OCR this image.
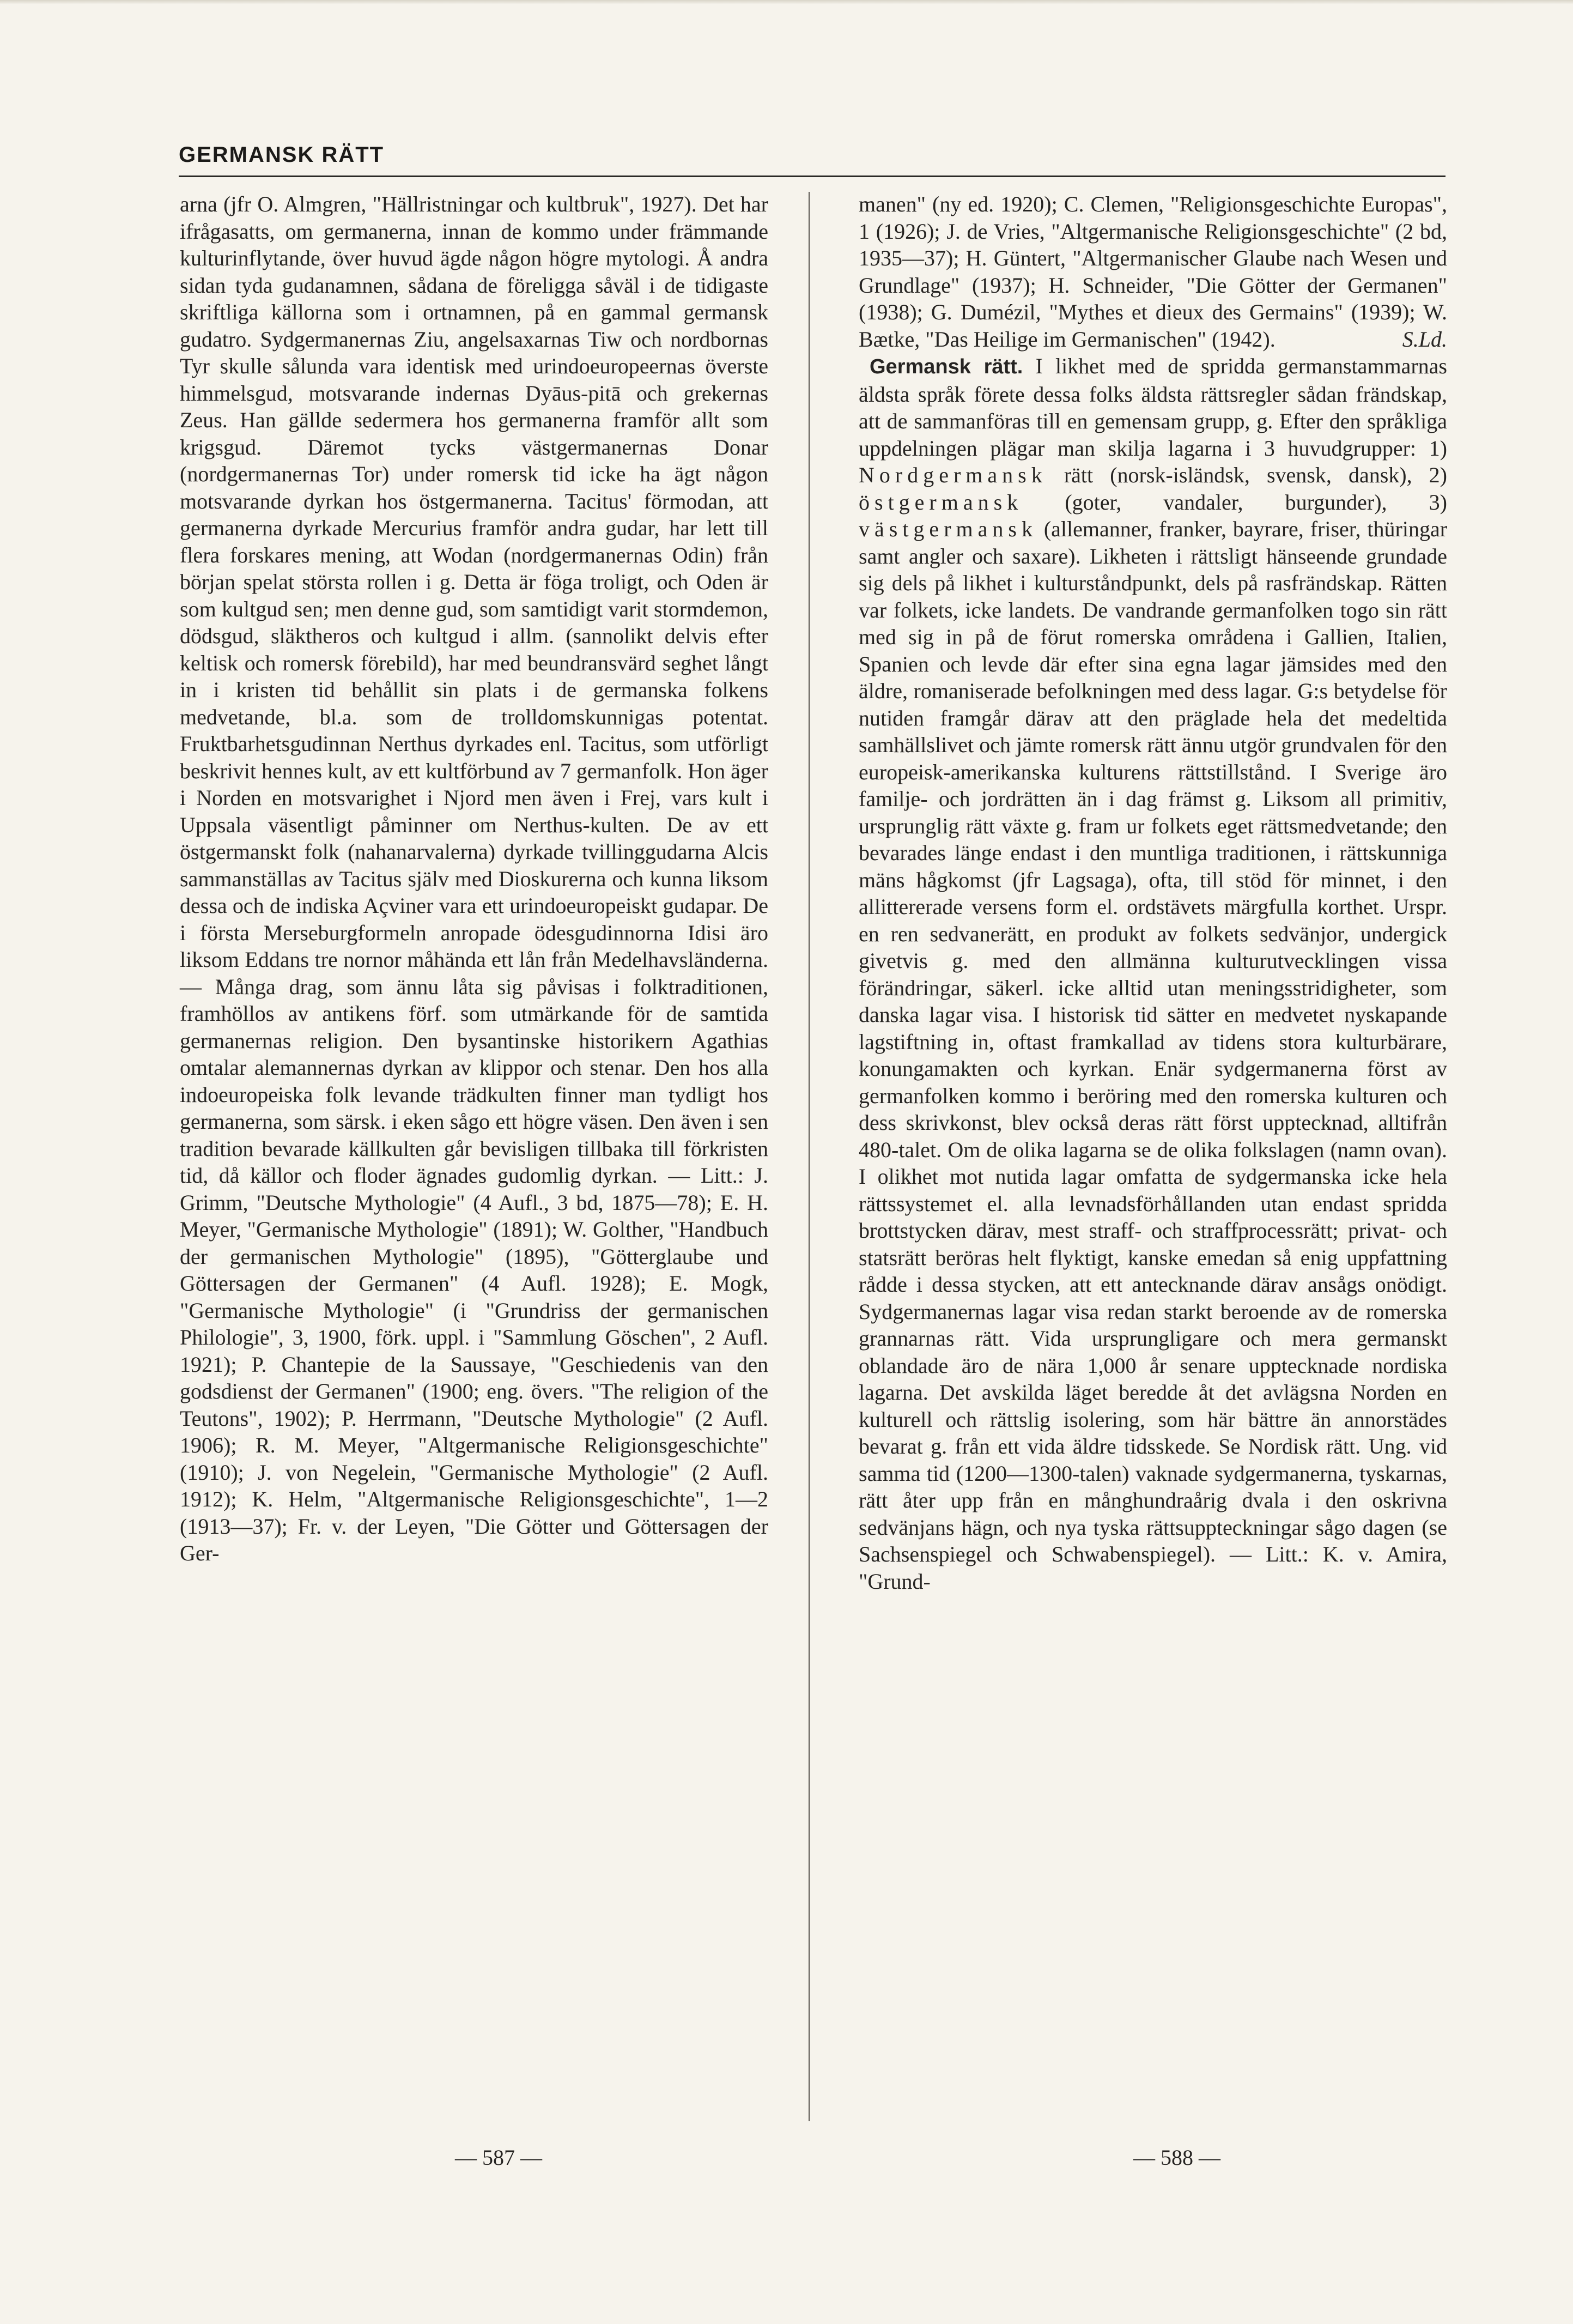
GERMANSK RÄTT

arna (jfr O. Almgren, "Hällristningar och kultbruk", 1927). Det har ifrågasatts, om germanerna, innan de kommo under främmande kulturinflytande, över huvud ägde någon högre mytologi. Å andra sidan tyda gudanamnen, sådana de föreligga såväl i de tidigaste skriftliga källorna som i ortnamnen, på en gammal germansk gudatro. Sydgermanernas Ziu, angelsaxarnas Tiw och nordbornas Tyr skulle sålunda vara identisk med urindoeuropeernas överste himmelsgud, motsvarande indernas Dyāus-pitā och grekernas Zeus. Han gällde sedermera hos germanerna framför allt som krigsgud. Däremot tycks västgermanernas Donar (nordgermanernas Tor) under romersk tid icke ha ägt någon motsvarande dyrkan hos östgermanerna. Tacitus' förmodan, att germanerna dyrkade Mercurius framför andra gudar, har lett till flera forskares mening, att Wodan (nordgermanernas Odin) från början spelat största rollen i g. Detta är föga troligt, och Oden är som kultgud sen; men denne gud, som samtidigt varit stormdemon, dödsgud, släktheros och kultgud i allm. (sannolikt delvis efter keltisk och romersk förebild), har med beundransvärd seghet långt in i kristen tid behållit sin plats i de germanska folkens medvetande, bl.a. som de trolldomskunnigas potentat. Fruktbarhetsgudinnan Nerthus dyrkades enl. Tacitus, som utförligt beskrivit hennes kult, av ett kultförbund av 7 germanfolk. Hon äger i Norden en motsvarighet i Njord men även i Frej, vars kult i Uppsala väsentligt påminner om Nerthus-kulten. De av ett östgermanskt folk (nahanarvalerna) dyrkade tvillinggudarna Alcis sammanställas av Tacitus själv med Dioskurerna och kunna liksom dessa och de indiska Açviner vara ett urindoeuropeiskt gudapar. De i första Merseburgformeln anropade ödesgudinnorna Idisi äro liksom Eddans tre nornor måhända ett lån från Medelhavsländerna. — Många drag, som ännu låta sig påvisas i folktraditionen, framhöllos av antikens förf. som utmärkande för de samtida germanernas religion. Den bysantinske historikern Agathias omtalar alemannernas dyrkan av klippor och stenar. Den hos alla indoeuropeiska folk levande trädkulten finner man tydligt hos germanerna, som särsk. i eken sågo ett högre väsen. Den även i sen tradition bevarade källkulten går bevisligen tillbaka till förkristen tid, då källor och floder ägnades gudomlig dyrkan. — Litt.: J. Grimm, "Deutsche Mythologie" (4 Aufl., 3 bd, 1875—78); E. H. Meyer, "Germanische Mythologie" (1891); W. Golther, "Handbuch der germanischen Mythologie" (1895), "Götterglaube und Göttersagen der Germanen" (4 Aufl. 1928); E. Mogk, "Germanische Mythologie" (i "Grundriss der germanischen Philologie", 3, 1900, förk. uppl. i "Sammlung Göschen", 2 Aufl. 1921); P. Chantepie de la Saussaye, "Geschiedenis van den godsdienst der Germanen" (1900; eng. övers. "The religion of the Teutons", 1902); P. Herrmann, "Deutsche Mythologie" (2 Aufl. 1906); R. M. Meyer, "Altgermanische Religionsgeschichte" (1910); J. von Negelein, "Germanische Mythologie" (2 Aufl. 1912); K. Helm, "Altgermanische Religionsgeschichte", 1—2 (1913—37); Fr. v. der Leyen, "Die Götter und Göttersagen der Ger-

manen" (ny ed. 1920); C. Clemen, "Religionsgeschichte Europas", 1 (1926); J. de Vries, "Altgermanische Religionsgeschichte" (2 bd, 1935—37); H. Güntert, "Altgermanischer Glaube nach Wesen und Grundlage" (1937); H. Schneider, "Die Götter der Germanen" (1938); G. Dumézil, "Mythes et dieux des Germains" (1939); W. Bætke, "Das Heilige im Germanischen" (1942).	S.Ld.

Germansk rätt. I likhet med de spridda germanstammarnas äldsta språk förete dessa folks äldsta rättsregler sådan frändskap, att de sammanföras till en gemensam grupp, g. Efter den språkliga uppdelningen plägar man skilja lagarna i 3 huvudgrupper: 1) Nordgermansk rätt (norsk-isländsk, svensk, dansk), 2) östgermansk (goter, vandaler, burgunder), 3) västgermansk (allemanner, franker, bayrare, friser, thüringar samt angler och saxare). Likheten i rättsligt hänseende grundade sig dels på likhet i kulturståndpunkt, dels på rasfrändskap. Rätten var folkets, icke landets. De vandrande germanfolken togo sin rätt med sig in på de förut romerska områdena i Gallien, Italien, Spanien och levde där efter sina egna lagar jämsides med den äldre, romaniserade befolkningen med dess lagar. G:s betydelse för nutiden framgår därav att den präglade hela det medeltida samhällslivet och jämte romersk rätt ännu utgör grundvalen för den europeisk-amerikanska kulturens rättstillstånd. I Sverige äro familje- och jordrätten än i dag främst g. Liksom all primitiv, ursprunglig rätt växte g. fram ur folkets eget rättsmedvetande; den bevarades länge endast i den muntliga traditionen, i rättskunniga mäns hågkomst (jfr Lagsaga), ofta, till stöd för minnet, i den allittererade versens form el. ordstävets märgfulla korthet. Urspr. en ren sedvanerätt, en produkt av folkets sedvänjor, undergick givetvis g. med den allmänna kulturutvecklingen vissa förändringar, säkerl. icke alltid utan meningsstridigheter, som danska lagar visa. I historisk tid sätter en medvetet nyskapande lagstiftning in, oftast framkallad av tidens stora kulturbärare, konungamakten och kyrkan. Enär sydgermanerna först av germanfolken kommo i beröring med den romerska kulturen och dess skrivkonst, blev också deras rätt först upptecknad, alltifrån 480-talet. Om de olika lagarna se de olika folkslagen (namn ovan). I olikhet mot nutida lagar omfatta de sydgermanska icke hela rättssystemet el. alla levnadsförhållanden utan endast spridda brottstycken därav, mest straff- och straffprocessrätt; privat- och statsrätt beröras helt flyktigt, kanske emedan så enig uppfattning rådde i dessa stycken, att ett antecknande därav ansågs onödigt. Sydgermanernas lagar visa redan starkt beroende av de romerska grannarnas rätt. Vida ursprungligare och mera germanskt oblandade äro de nära 1,000 år senare upptecknade nordiska lagarna. Det avskilda läget beredde åt det avlägsna Norden en kulturell och rättslig isolering, som här bättre än annorstädes bevarat g. från ett vida äldre tidsskede. Se Nordisk rätt. Ung. vid samma tid (1200—1300-talen) vaknade sydgermanerna, tyskarnas, rätt åter upp från en månghundraårig dvala i den oskrivna sedvänjans hägn, och nya tyska rättsuppteckningar sågo dagen (se Sachsenspiegel och Schwabenspiegel). — Litt.: K. v. Amira, "Grund-

— 587 —	— 588 —
